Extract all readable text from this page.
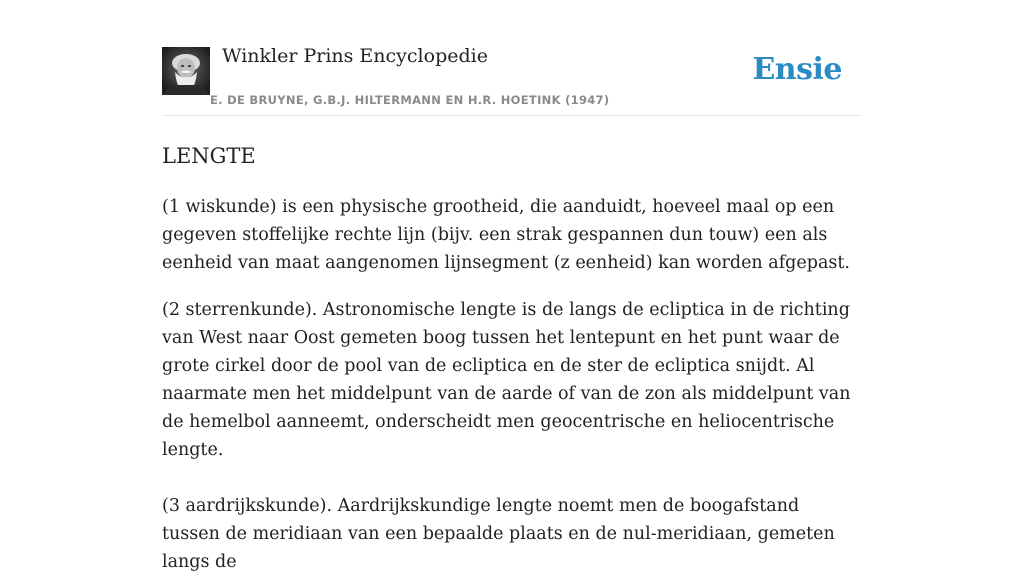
Winkler Prins Encyclopedie
E. DE BRUYNE, G.B.J. HILTERMANN EN H.R. HOETINK (1947)
Ensie
LENGTE

(1 wiskunde) is een physische grootheid, die aanduidt, hoeveel maal op een gegeven stoffelijke rechte lijn (bijv. een strak gespannen dun touw) een als eenheid van maat aangenomen lijnsegment (z eenheid) kan worden afgepast.

(2 sterrenkunde). Astronomische lengte is de langs de ecliptica in de richting van West naar Oost gemeten boog tussen het lentepunt en het punt waar de grote cirkel door de pool van de ecliptica en de ster de ecliptica snijdt. Al naarmate men het middelpunt van de aarde of van de zon als middelpunt van de hemelbol aanneemt, onderscheidt men geocentrische en heliocentrische lengte.

(3 aardrijkskunde). Aardrijkskundige lengte noemt men de boogafstand tussen de meridiaan van een bepaalde plaats en de nul-meridiaan, gemeten langs de
